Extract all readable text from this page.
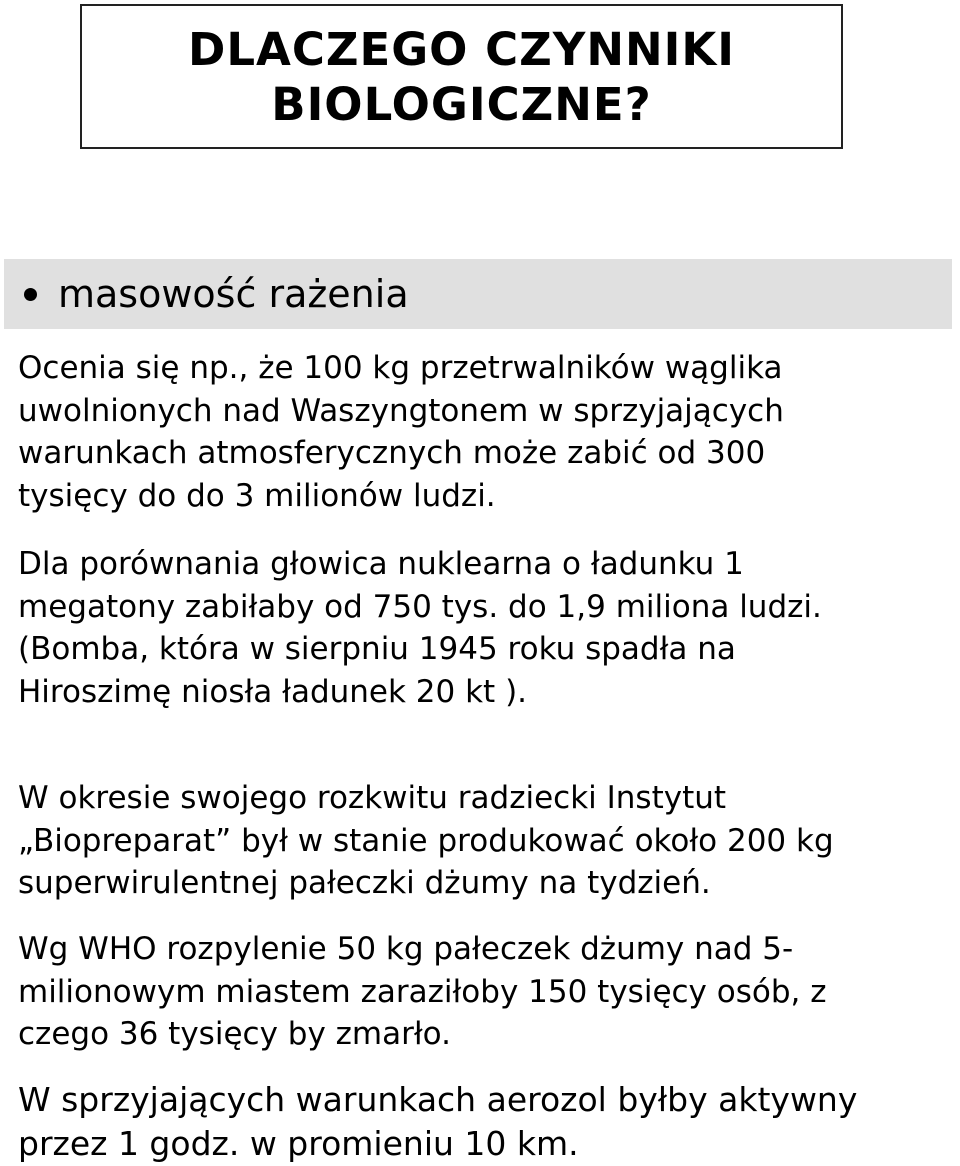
DLACZEGO CZYNNIKI
BIOLOGICZNE?
masowość rażenia

Ocenia się np., że 100 kg przetrwalników wąglika
uwolnionych nad Waszyngtonem w sprzyjających
warunkach atmosferycznych może zabić od 300
tysięcy do do 3 milionów ludzi.

Dla porównania głowica nuklearna o ładunku 1
megatony zabiłaby od 750 tys. do 1,9 miliona ludzi.
(Bomba, która w sierpniu 1945 roku spadła na
Hiroszimę niosła ładunek 20 kt ).

W okresie swojego rozkwitu radziecki Instytut
„Biopreparat” był w stanie produkować około 200 kg
superwirulentnej pałeczki dżumy na tydzień.

Wg WHO rozpylenie 50 kg pałeczek dżumy nad 5-
milionowym miastem zaraziłoby 150 tysięcy osób, z
czego 36 tysięcy by zmarło.

W sprzyjających warunkach aerozol byłby aktywny
przez 1 godz. w promieniu 10 km.
